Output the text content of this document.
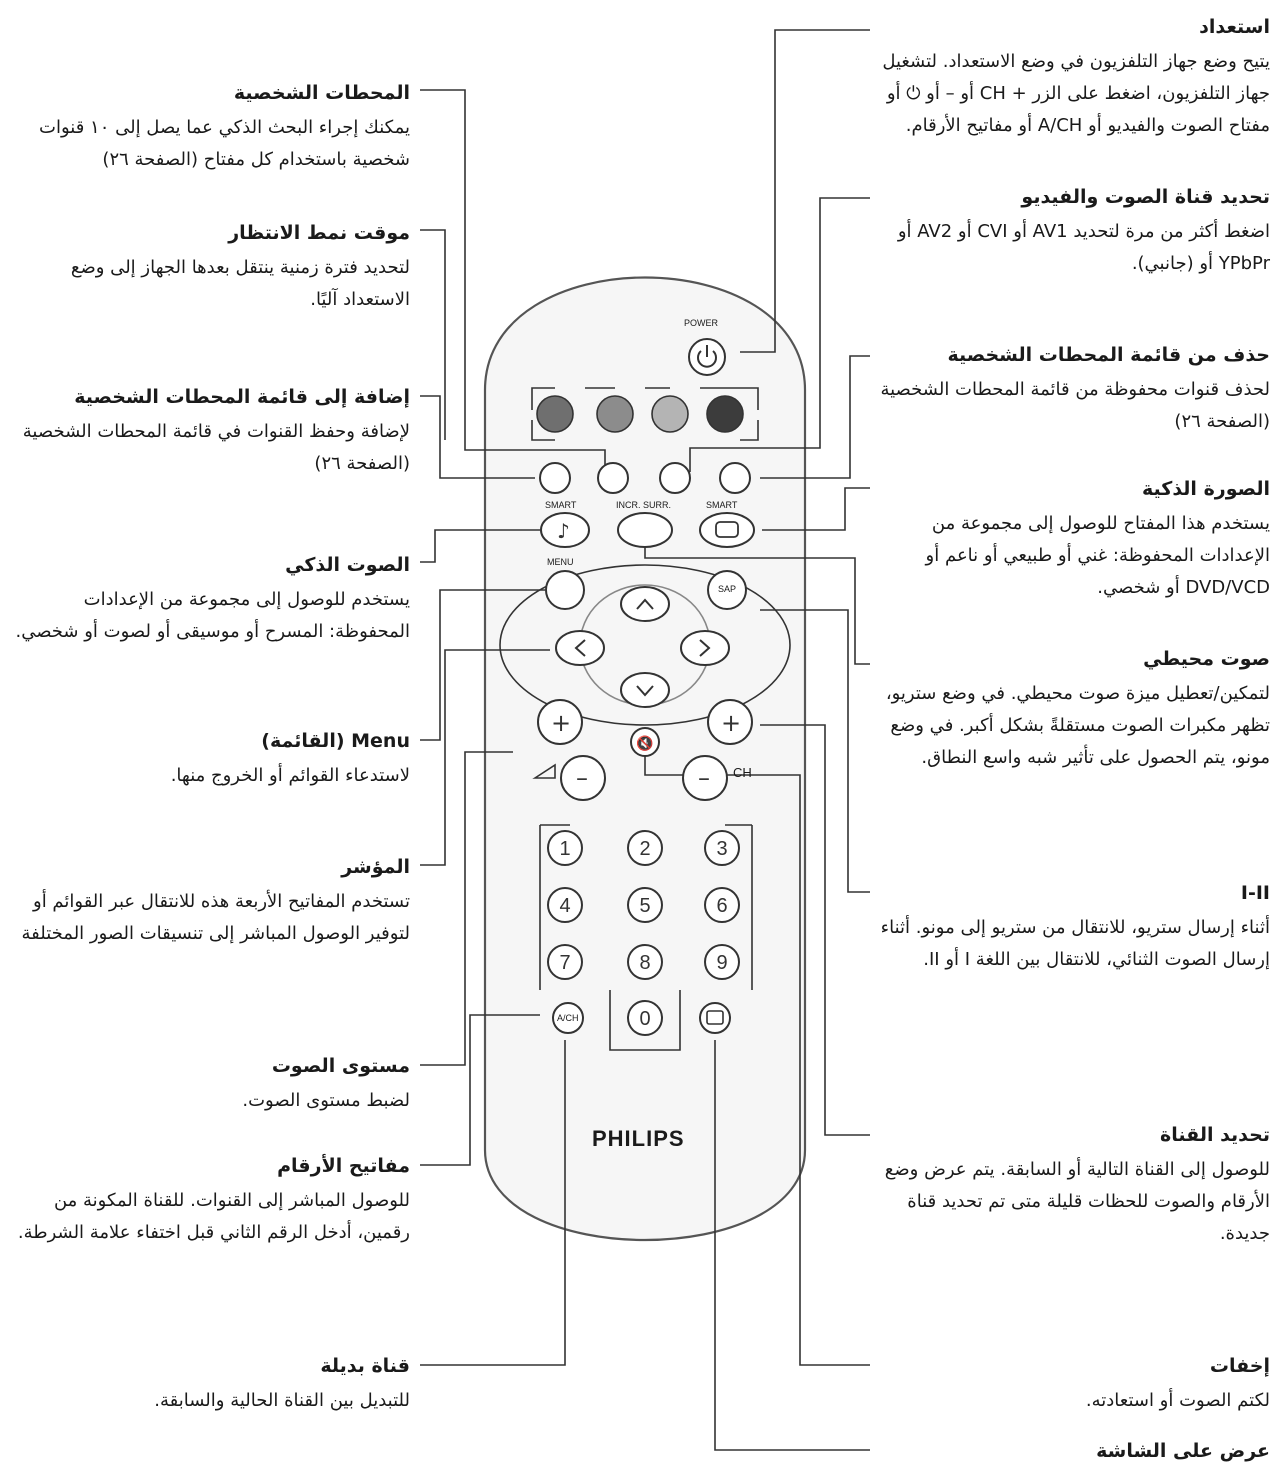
♪
+
–
+
–
🔇
1	2	3
4	5	6
7	8	9
0
POWER
SMART	INCR. SURR.	SMART
MENU
SAP
CH
A/CH
PHILIPS
المحطات الشخصية
يمكنك إجراء البحث الذكي عما يصل إلى ١٠ قنوات شخصية باستخدام كل مفتاح (الصفحة ٢٦)
موقت نمط الانتظار
لتحديد فترة زمنية ينتقل بعدها الجهاز إلى وضع الاستعداد آليًا.
إضافة إلى قائمة المحطات الشخصية
لإضافة وحفظ القنوات في قائمة المحطات الشخصية (الصفحة ٢٦)
الصوت الذكي
يستخدم للوصول إلى مجموعة من الإعدادات المحفوظة: المسرح أو موسيقى أو لصوت أو شخصي.
Menu (القائمة)
لاستدعاء القوائم أو الخروج منها.
المؤشر
تستخدم المفاتيح الأربعة هذه للانتقال عبر القوائم أو لتوفير الوصول المباشر إلى تنسيقات الصور المختلفة
مستوى الصوت
لضبط مستوى الصوت.
مفاتيح الأرقام
للوصول المباشر إلى القنوات. للقناة المكونة من رقمين، أدخل الرقم الثاني قبل اختفاء علامة الشرطة.
قناة بديلة
للتبديل بين القناة الحالية والسابقة.
استعداد
يتيح وضع جهاز التلفزيون في وضع الاستعداد. لتشغيل جهاز التلفزيون، اضغط على الزر + CH أو – أو ⏻ أو مفتاح الصوت والفيديو أو A/CH أو مفاتيح الأرقام.
تحديد قناة الصوت والفيديو
اضغط أكثر من مرة لتحديد AV1 أو CVI أو AV2 أو YPbPr أو (جانبي).
حذف من قائمة المحطات الشخصية
لحذف قنوات محفوظة من قائمة المحطات الشخصية (الصفحة ٢٦)
الصورة الذكية
يستخدم هذا المفتاح للوصول إلى مجموعة من الإعدادات المحفوظة: غني أو طبيعي أو ناعم أو DVD/VCD أو شخصي.
صوت محيطي
لتمكين/تعطيل ميزة صوت محيطي. في وضع ستريو، تظهر مكبرات الصوت مستقلةً بشكل أكبر. في وضع مونو، يتم الحصول على تأثير شبه واسع النطاق.
I-II
أثناء إرسال ستريو، للانتقال من ستريو إلى مونو. أثناء إرسال الصوت الثنائي، للانتقال بين اللغة I أو II.
تحديد القناة
للوصول إلى القناة التالية أو السابقة. يتم عرض وضع الأرقام والصوت للحظات قليلة متى تم تحديد قناة جديدة.
إخفات
لكتم الصوت أو استعادته.
عرض على الشاشة
